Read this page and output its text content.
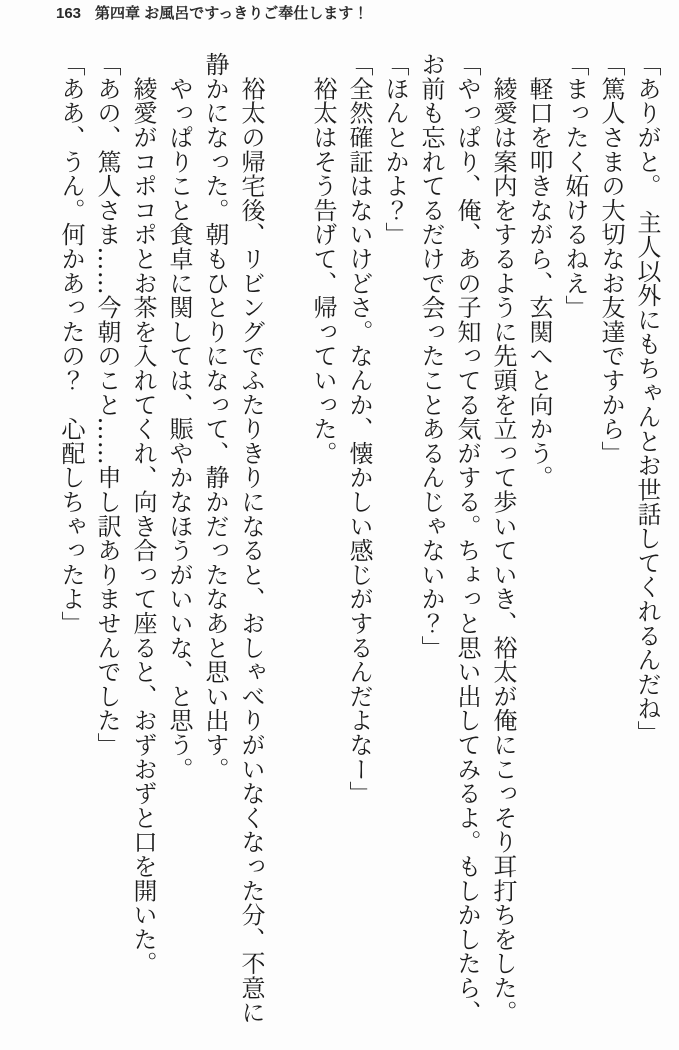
163 第四章 お風呂ですっきりご奉仕します！

「ありがと。　主人以外にもちゃんとお世話してくれるんだね」

「篤人さまの大切なお友達ですから」

「まったく妬けるねえ」

　軽口を叩きながら、玄関へと向かう。

　綾愛は案内をするように先頭を立って歩いていき、裕太が俺にこっそり耳打ちをした。

「やっぱり、俺、あの子知ってる気がする。ちょっと思い出してみるよ。もしかしたら、

お前も忘れてるだけで会ったことあるんじゃないか？」

「ほんとかよ？」

「全然確証はないけどさ。なんか、懐かしい感じがするんだよなー」

　裕太はそう告げて、帰っていった。

　裕太の帰宅後、リビングでふたりきりになると、おしゃべりがいなくなった分、不意に

静かになった。朝もひとりになって、静かだったなあと思い出す。

　やっぱりこと食卓に関しては、賑やかなほうがいいな、と思う。

　綾愛がコポコポとお茶を入れてくれ、向き合って座ると、おずおずと口を開いた。

「あの、篤人さま……今朝のこと……申し訳ありませんでした」

「ああ、うん。何かあったの？　心配しちゃったよ」
